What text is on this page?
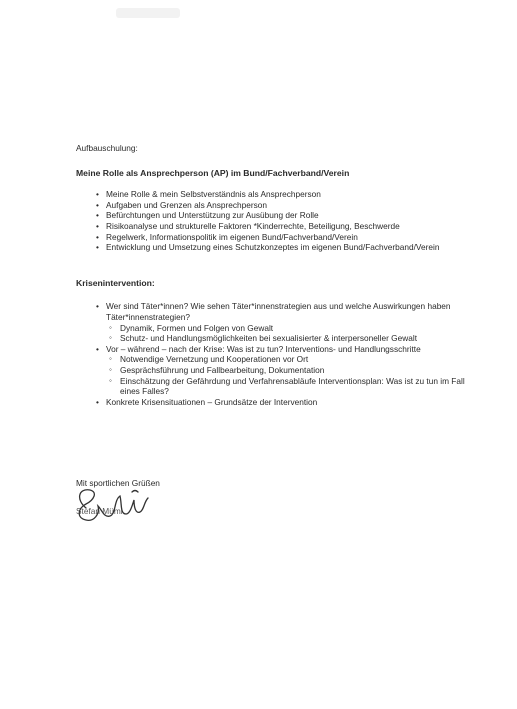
Aufbauschulung:

Meine Rolle als Ansprechperson (AP) im Bund/Fachverband/Verein

• Meine Rolle & mein Selbstverständnis als Ansprechperson
• Aufgaben und Grenzen als Ansprechperson
• Befürchtungen und Unterstützung zur Ausübung der Rolle
• Risikoanalyse und strukturelle Faktoren *Kinderrechte, Beteiligung, Beschwerde
• Regelwerk, Informationspolitik im eigenen Bund/Fachverband/Verein
• Entwicklung und Umsetzung eines Schutzkonzeptes im eigenen Bund/Fachverband/Verein

Krisenintervention:

• Wer sind Täter*innen? Wie sehen Täter*innenstrategien aus und welche Auswirkungen haben Täter*innenstrategien?
◦ Dynamik, Formen und Folgen von Gewalt
◦ Schutz- und Handlungsmöglichkeiten bei sexualisierter & interpersoneller Gewalt
• Vor – während – nach der Krise: Was ist zu tun? Interventions- und Handlungsschritte
◦ Notwendige Vernetzung und Kooperationen vor Ort
◦ Gesprächsführung und Fallbearbeitung, Dokumentation
◦ Einschätzung der Gefährdung und Verfahrensabläufe Interventionsplan: Was ist zu tun im Fall eines Falles?
• Konkrete Krisensituationen – Grundsätze der Intervention
Mit sportlichen Grüßen
Stefan Mümi
